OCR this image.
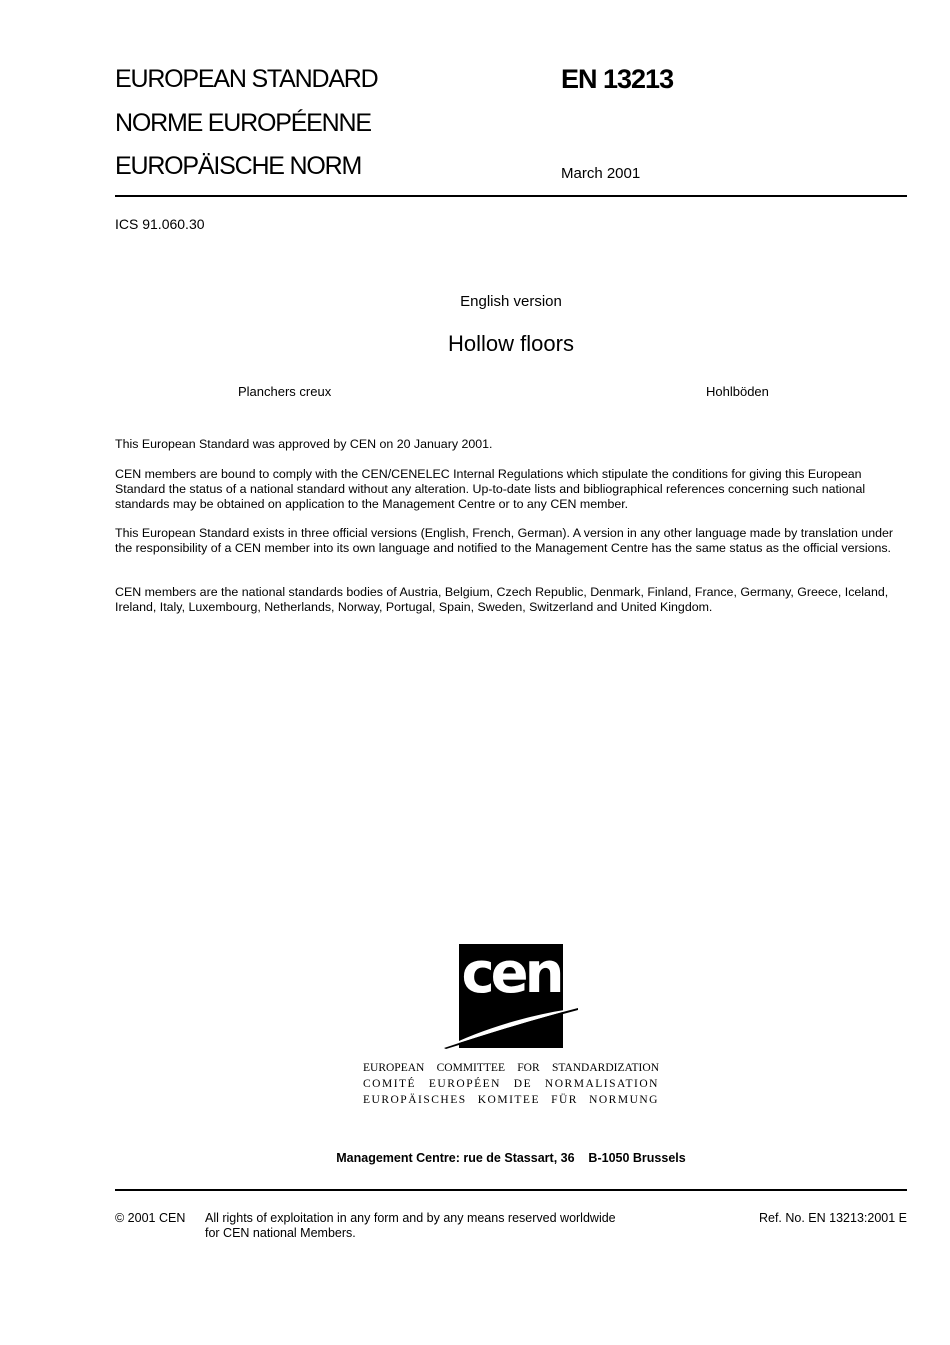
EUROPEAN STANDARD
NORME EUROPÉENNE
EUROPÄISCHE NORM
EN 13213
March 2001
ICS 91.060.30
English version
Hollow floors
Planchers creux	Hohlböden
This European Standard was approved by CEN on 20 January 2001.
CEN members are bound to comply with the CEN/CENELEC Internal Regulations which stipulate the conditions for giving this European Standard the status of a national standard without any alteration. Up-to-date lists and bibliographical references concerning such national standards may be obtained on application to the Management Centre or to any CEN member.
This European Standard exists in three official versions (English, French, German). A version in any other language made by translation under the responsibility of a CEN member into its own language and notified to the Management Centre has the same status as the official versions.
CEN members are the national standards bodies of Austria, Belgium, Czech Republic, Denmark, Finland, France, Germany, Greece, Iceland, Ireland, Italy, Luxembourg, Netherlands, Norway, Portugal, Spain, Sweden, Switzerland and United Kingdom.
cen
EUROPEAN COMMITTEE FOR STANDARDIZATION
COMITÉ EUROPÉEN DE NORMALISATION
EUROPÄISCHES KOMITEE FÜR NORMUNG
Management Centre: rue de Stassart, 36    B-1050 Brussels
© 2001 CEN All rights of exploitation in any form and by any means reserved worldwide for CEN national Members.
Ref. No. EN 13213:2001 E
